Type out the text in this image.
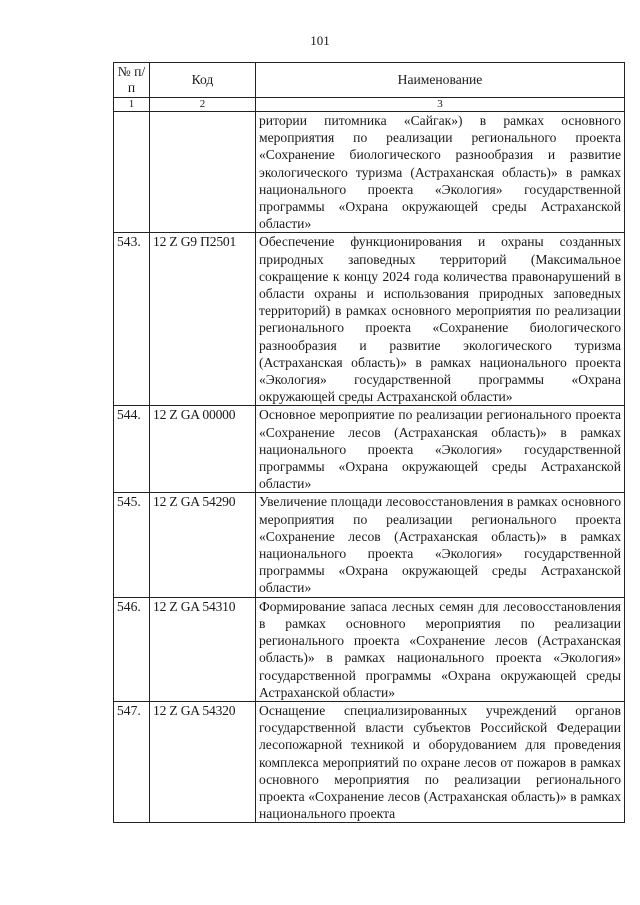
101
№ п/п	Код	Наименование
1	2	3
		ритории питомника «Сайгак») в рамках основного мероприятия по реализации регионального проекта «Сохранение биологического разнообразия и развитие экологического туризма (Астраханская область)» в рамках национального проекта «Экология» государственной программы «Охрана окружающей среды Астраханской области»
543.	12 Z G9 П2501	Обеспечение функционирования и охраны созданных природных заповедных территорий (Максимальное сокращение к концу 2024 года количества правонарушений в области охраны и использования природных заповедных территорий) в рамках основного мероприятия по реализации регионального проекта «Сохранение биологического разнообразия и развитие экологического туризма (Астраханская область)» в рамках национального проекта «Экология» государственной программы «Охрана окружающей среды Астраханской области»
544.	12 Z GA 00000	Основное мероприятие по реализации регионального проекта «Сохранение лесов (Астраханская область)» в рамках национального проекта «Экология» государственной программы «Охрана окружающей среды Астраханской области»
545.	12 Z GA 54290	Увеличение площади лесовосстановления в рамках основного мероприятия по реализации регионального проекта «Сохранение лесов (Астраханская область)» в рамках национального проекта «Экология» государственной программы «Охрана окружающей среды Астраханской области»
546.	12 Z GA 54310	Формирование запаса лесных семян для лесовосстановления в рамках основного мероприятия по реализации регионального проекта «Сохранение лесов (Астраханская область)» в рамках национального проекта «Экология» государственной программы «Охрана окружающей среды Астраханской области»
547.	12 Z GA 54320	Оснащение специализированных учреждений органов государственной власти субъектов Российской Федерации лесопожарной техникой и оборудованием для проведения комплекса мероприятий по охране лесов от пожаров в рамках основного мероприятия по реализации регионального проекта «Сохранение лесов (Астраханская область)» в рамках национального проекта
